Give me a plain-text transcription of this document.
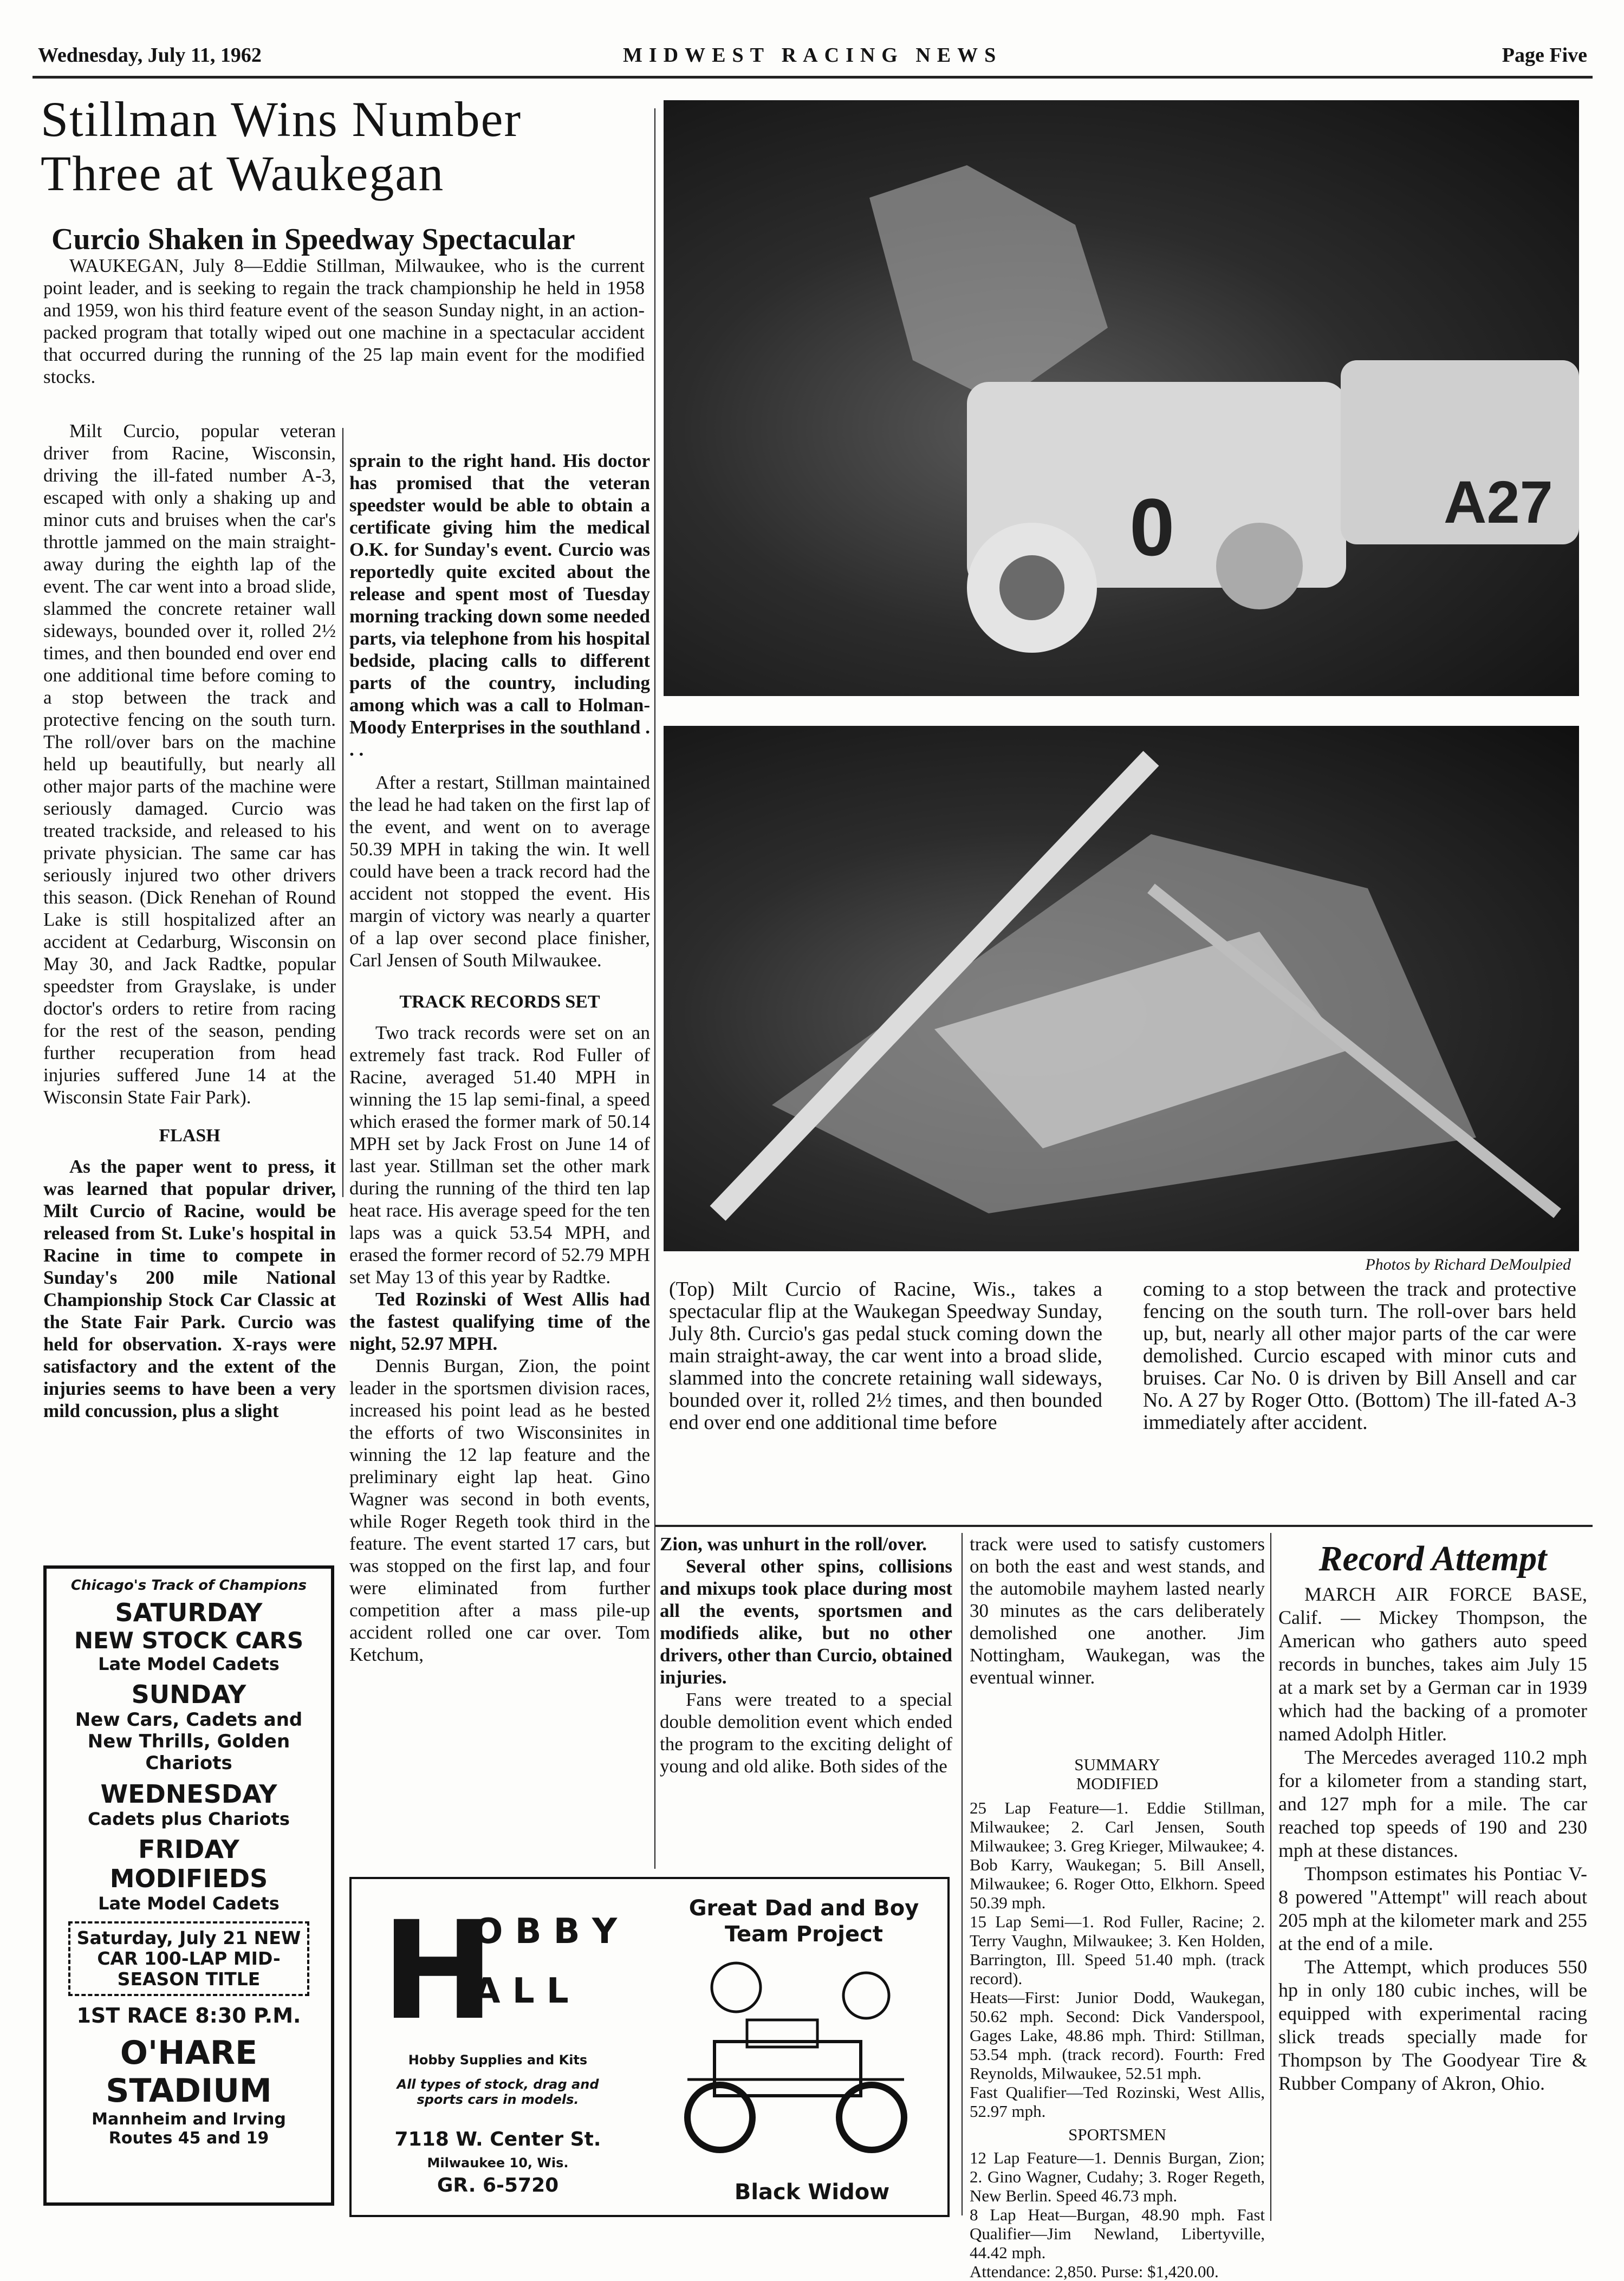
Wednesday, July 11, 1962	MIDWEST RACING NEWS	Page Five
Stillman Wins Number
Three at Waukegan
Curcio Shaken in Speedway Spectacular

WAUKEGAN, July 8—Eddie Stillman, Milwaukee, who is the current point leader, and is seeking to regain the track championship he held in 1958 and 1959, won his third feature event of the season Sunday night, in an action-packed program that totally wiped out one machine in a spectacular accident that occurred during the running of the 25 lap main event for the modified stocks.

Milt Curcio, popular veteran driver from Racine, Wisconsin, driving the ill-fated number A-3, escaped with only a shaking up and minor cuts and bruises when the car's throttle jammed on the main straight-away during the eighth lap of the event. The car went into a broad slide, slammed the concrete retainer wall sideways, bounded over it, rolled 2½ times, and then bounded end over end one additional time before coming to a stop between the track and protective fencing on the south turn. The roll/over bars on the machine held up beautifully, but nearly all other major parts of the machine were seriously damaged. Curcio was treated trackside, and released to his private physician. The same car has seriously injured two other drivers this season. (Dick Renehan of Round Lake is still hospitalized after an accident at Cedarburg, Wisconsin on May 30, and Jack Radtke, popular speedster from Grayslake, is under doctor's orders to retire from racing for the rest of the season, pending further recuperation from head injuries suffered June 14 at the Wisconsin State Fair Park).

FLASH

As the paper went to press, it was learned that popular driver, Milt Curcio of Racine, would be released from St. Luke's hospital in Racine in time to compete in Sunday's 200 mile National Championship Stock Car Classic at the State Fair Park. Curcio was held for observation. X-rays were satisfactory and the extent of the injuries seems to have been a very mild concussion, plus a slight

sprain to the right hand. His doctor has promised that the veteran speedster would be able to obtain a certificate giving him the medical O.K. for Sunday's event. Curcio was reportedly quite excited about the release and spent most of Tuesday morning tracking down some needed parts, via telephone from his hospital bedside, placing calls to different parts of the country, including among which was a call to Holman-Moody Enterprises in the southland . . .

After a restart, Stillman maintained the lead he had taken on the first lap of the event, and went on to average 50.39 MPH in taking the win. It well could have been a track record had the accident not stopped the event. His margin of victory was nearly a quarter of a lap over second place finisher, Carl Jensen of South Milwaukee.

TRACK RECORDS SET

Two track records were set on an extremely fast track. Rod Fuller of Racine, averaged 51.40 MPH in winning the 15 lap semi-final, a speed which erased the former mark of 50.14 MPH set by Jack Frost on June 14 of last year. Stillman set the other mark during the running of the third ten lap heat race. His average speed for the ten laps was a quick 53.54 MPH, and erased the former record of 52.79 MPH set May 13 of this year by Radtke.

Ted Rozinski of West Allis had the fastest qualifying time of the night, 52.97 MPH.

Dennis Burgan, Zion, the point leader in the sportsmen division races, increased his point lead as he bested the efforts of two Wisconsinites in winning the 12 lap feature and the preliminary eight lap heat. Gino Wagner was second in both events, while Roger Regeth took third in the feature. The event started 17 cars, but was stopped on the first lap, and four were eliminated from further competition after a mass pile-up accident rolled one car over. Tom Ketchum,

0	A27
Photos by Richard DeMoulpied
(Top) Milt Curcio of Racine, Wis., takes a spectacular flip at the Waukegan Speedway Sunday, July 8th. Curcio's gas pedal stuck coming down the main straight-away, the car went into a broad slide, slammed into the concrete retaining wall sideways, bounded over it, rolled 2½ times, and then bounded end over end one additional time before
coming to a stop between the track and protective fencing on the south turn. The roll-over bars held up, but, nearly all other major parts of the car were demolished. Curcio escaped with minor cuts and bruises. Car No. 0 is driven by Bill Ansell and car No. A 27 by Roger Otto. (Bottom) The ill-fated A-3 immediately after accident.

Zion, was unhurt in the roll/over.

Several other spins, collisions and mixups took place during most all the events, sportsmen and modifieds alike, but no other drivers, other than Curcio, obtained injuries.

Fans were treated to a special double demolition event which ended the program to the exciting delight of young and old alike. Both sides of the

track were used to satisfy customers on both the east and west stands, and the automobile mayhem lasted nearly 30 minutes as the cars deliberately demolished one another. Jim Nottingham, Waukegan, was the eventual winner.

SUMMARY
MODIFIED
25 Lap Feature—1. Eddie Stillman, Milwaukee; 2. Carl Jensen, South Milwaukee; 3. Greg Krieger, Milwaukee; 4. Bob Karry, Waukegan; 5. Bill Ansell, Milwaukee; 6. Roger Otto, Elkhorn. Speed 50.39 mph.
15 Lap Semi—1. Rod Fuller, Racine; 2. Terry Vaughn, Milwaukee; 3. Ken Holden, Barrington, Ill. Speed 51.40 mph. (track record).
Heats—First: Junior Dodd, Waukegan, 50.62 mph. Second: Dick Vanderspool, Gages Lake, 48.86 mph. Third: Stillman, 53.54 mph. (track record). Fourth: Fred Reynolds, Milwaukee, 52.51 mph.
Fast Qualifier—Ted Rozinski, West Allis, 52.97 mph.
SPORTSMEN
12 Lap Feature—1. Dennis Burgan, Zion; 2. Gino Wagner, Cudahy; 3. Roger Regeth, New Berlin. Speed 46.73 mph.
8 Lap Heat—Burgan, 48.90 mph. Fast Qualifier—Jim Newland, Libertyville, 44.42 mph.
Attendance: 2,850. Purse: $1,420.00.
Record Attempt

MARCH AIR FORCE BASE, Calif. — Mickey Thompson, the American who gathers auto speed records in bunches, takes aim July 15 at a mark set by a German car in 1939 which had the backing of a promoter named Adolph Hitler.

The Mercedes averaged 110.2 mph for a kilometer from a standing start, and 127 mph for a mile. The car reached top speeds of 190 and 230 mph at these distances.

Thompson estimates his Pontiac V-8 powered "Attempt" will reach about 205 mph at the kilometer mark and 255 at the end of a mile.

The Attempt, which produces 550 hp in only 180 cubic inches, will be equipped with experimental racing slick treads specially made for Thompson by The Goodyear Tire & Rubber Company of Akron, Ohio.

Chicago's Track of Champions
SATURDAY
NEW STOCK CARS
Late Model Cadets
SUNDAY
New Cars, Cadets and New Thrills, Golden Chariots
WEDNESDAY
Cadets plus Chariots
FRIDAY
MODIFIEDS
Late Model Cadets
Saturday, July 21 NEW CAR 100-LAP MID-SEASON TITLE
1ST RACE 8:30 P.M.
O'HARE
STADIUM
Mannheim and Irving Routes 45 and 19
H
O B B Y
A L L
Hobby Supplies and Kits
All types of stock, drag and sports cars in models.
7118 W. Center St.
Milwaukee 10, Wis.
GR. 6-5720
Great Dad and Boy Team Project
Black Widow
